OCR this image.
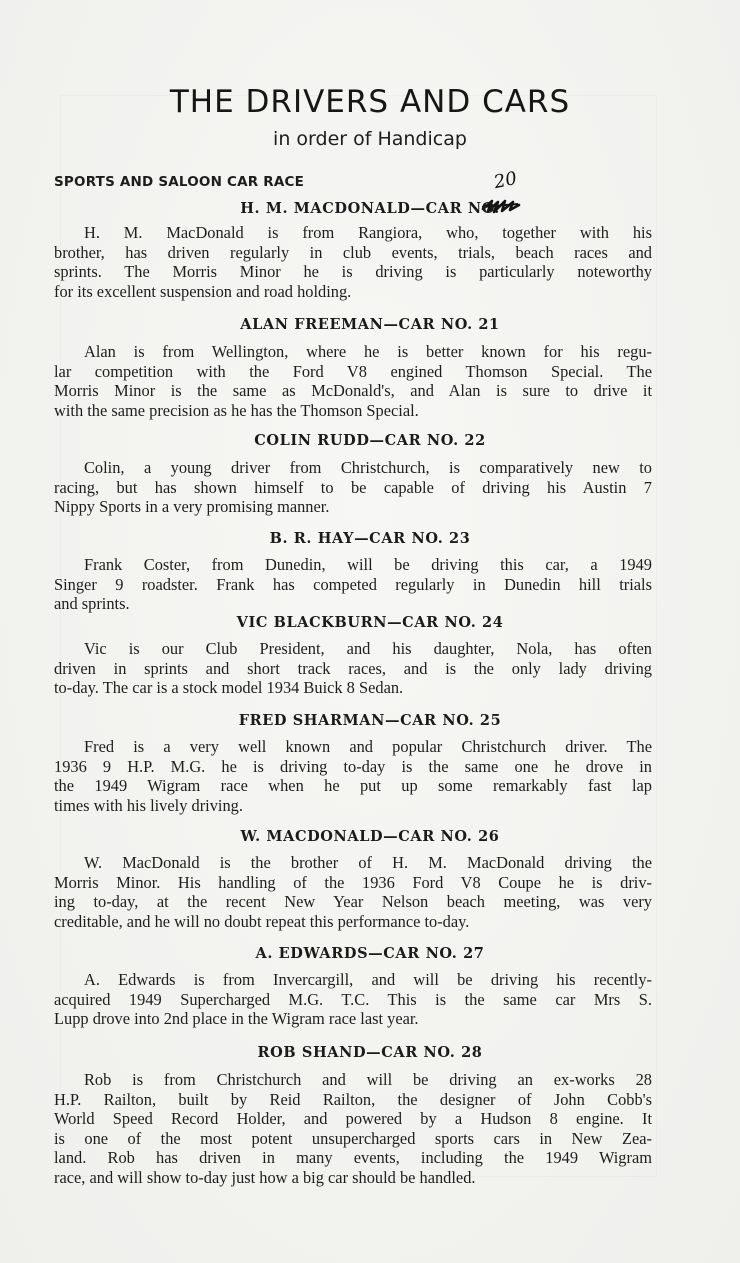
THE DRIVERS AND CARS
in order of Handicap
SPORTS AND SALOON CAR RACE	20
H. M. MACDONALD—CAR NO.
H. M. MacDonald is from Rangiora, who, together with his
brother, has driven regularly in club events, trials, beach races and
sprints. The Morris Minor he is driving is particularly noteworthy
for its excellent suspension and road holding.
ALAN FREEMAN—CAR NO. 21
Alan is from Wellington, where he is better known for his regu-
lar competition with the Ford V8 engined Thomson Special. The
Morris Minor is the same as McDonald's, and Alan is sure to drive it
with the same precision as he has the Thomson Special.
COLIN RUDD—CAR NO. 22
Colin, a young driver from Christchurch, is comparatively new to
racing, but has shown himself to be capable of driving his Austin 7
Nippy Sports in a very promising manner.
B. R. HAY—CAR NO. 23
Frank Coster, from Dunedin, will be driving this car, a 1949
Singer 9 roadster. Frank has competed regularly in Dunedin hill trials
and sprints.
VIC BLACKBURN—CAR NO. 24
Vic is our Club President, and his daughter, Nola, has often
driven in sprints and short track races, and is the only lady driving
to-day. The car is a stock model 1934 Buick 8 Sedan.
FRED SHARMAN—CAR NO. 25
Fred is a very well known and popular Christchurch driver. The
1936 9 H.P. M.G. he is driving to-day is the same one he drove in
the 1949 Wigram race when he put up some remarkably fast lap
times with his lively driving.
W. MACDONALD—CAR NO. 26
W. MacDonald is the brother of H. M. MacDonald driving the
Morris Minor. His handling of the 1936 Ford V8 Coupe he is driv-
ing to-day, at the recent New Year Nelson beach meeting, was very
creditable, and he will no doubt repeat this performance to-day.
A. EDWARDS—CAR NO. 27
A. Edwards is from Invercargill, and will be driving his recently-
acquired 1949 Supercharged M.G. T.C. This is the same car Mrs S.
Lupp drove into 2nd place in the Wigram race last year.
ROB SHAND—CAR NO. 28
Rob is from Christchurch and will be driving an ex-works 28
H.P. Railton, built by Reid Railton, the designer of John Cobb's
World Speed Record Holder, and powered by a Hudson 8 engine. It
is one of the most potent unsupercharged sports cars in New Zea-
land. Rob has driven in many events, including the 1949 Wigram
race, and will show to-day just how a big car should be handled.
